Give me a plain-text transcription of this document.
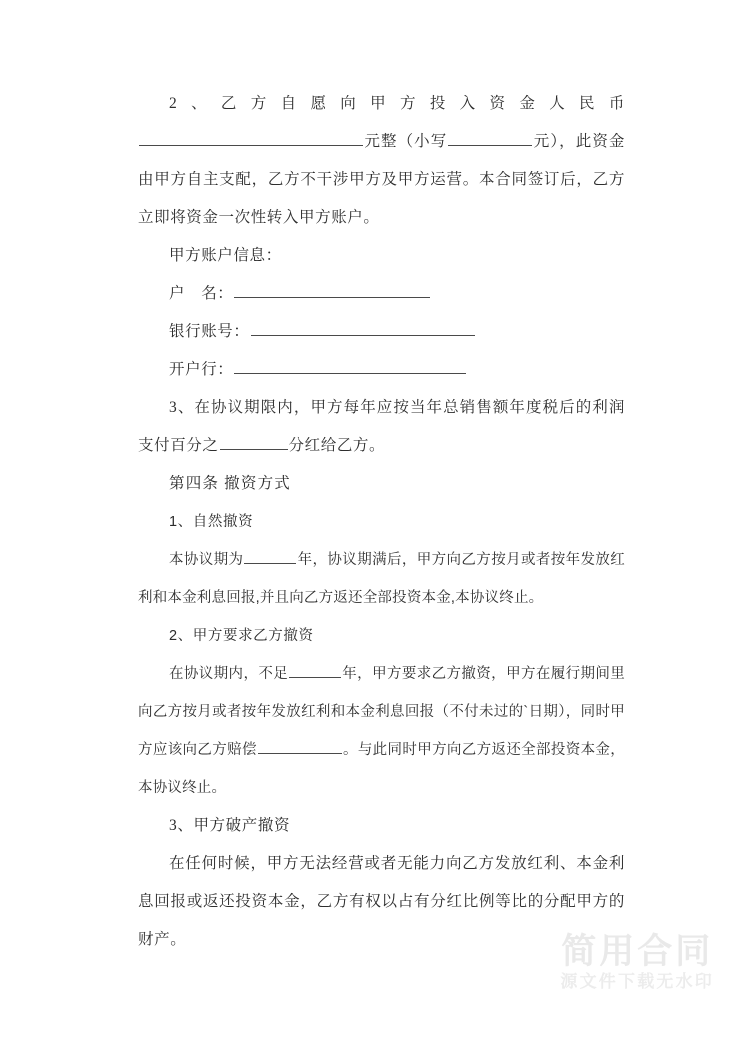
2、乙方自愿向甲方投入资金人民币元整（小写	元），此资金由甲方自主支配，乙方不干涉甲方及甲方运营。本合同签订后，乙方立即将资金一次性转入甲方账户。

甲方账户信息：

户　名：

银行账号：

开户行：

3、在协议期限内，甲方每年应按当年总销售额年度税后的利润支付百分之	分红给乙方。

第四条 撤资方式

1、自然撤资

本协议期为	年，协议期满后，甲方向乙方按月或者按年发放红利和本金利息回报,并且向乙方返还全部投资本金,本协议终止。

2、甲方要求乙方撤资

在协议期内，不足	年，甲方要求乙方撤资，甲方在履行期间里向乙方按月或者按年发放红利和本金利息回报（不付未过的`日期），同时甲方应该向乙方赔偿	。与此同时甲方向乙方返还全部投资本金，本协议终止。

3、甲方破产撤资

在任何时候，甲方无法经营或者无能力向乙方发放红利、本金利息回报或返还投资本金，乙方有权以占有分红比例等比的分配甲方的财产。	简用合同
源文件下载无水印
